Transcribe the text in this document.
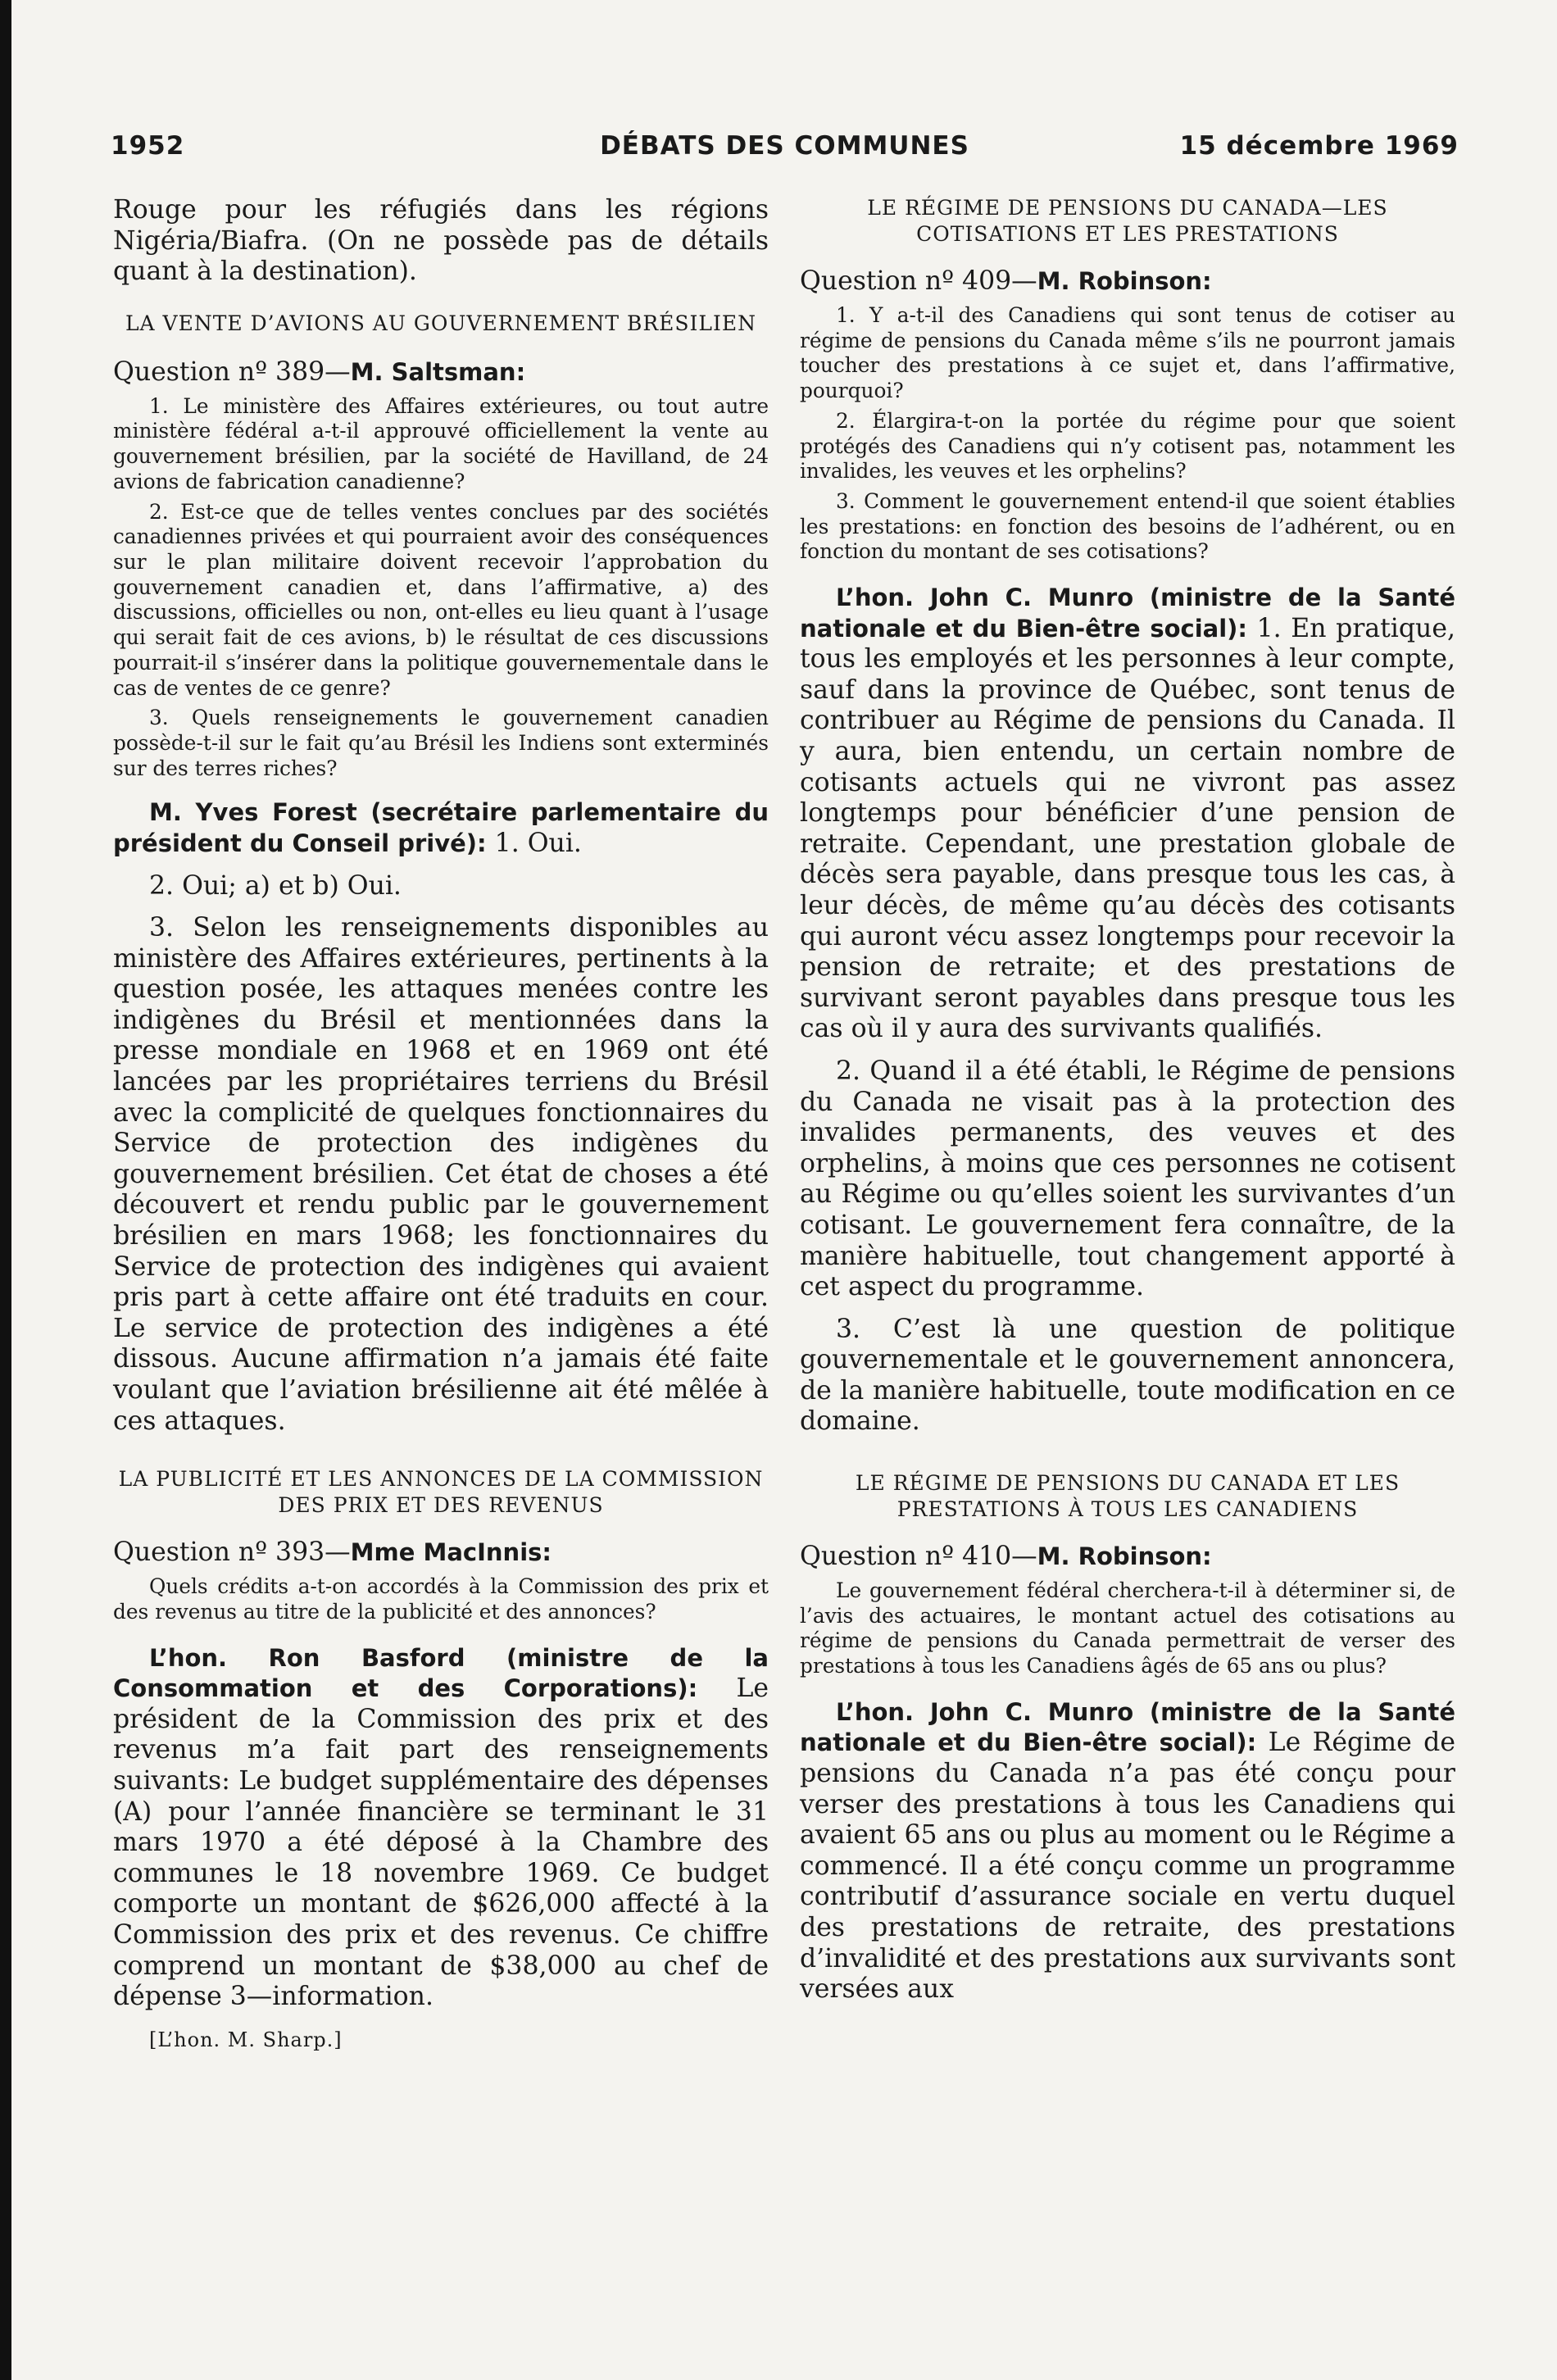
1952	DÉBATS DES COMMUNES	15 décembre 1969

Rouge pour les réfugiés dans les régions Nigéria/Biafra. (On ne possède pas de détails quant à la destination).

LA VENTE D’AVIONS AU GOUVERNEMENT BRÉSILIEN

Question nº 389—M. Saltsman:

1. Le ministère des Affaires extérieures, ou tout autre ministère fédéral a-t-il approuvé officiellement la vente au gouvernement brésilien, par la société de Havilland, de 24 avions de fabrication canadienne?

2. Est-ce que de telles ventes conclues par des sociétés canadiennes privées et qui pourraient avoir des conséquences sur le plan militaire doivent recevoir l’approbation du gouvernement canadien et, dans l’affirmative, a) des discussions, officielles ou non, ont-elles eu lieu quant à l’usage qui serait fait de ces avions, b) le résultat de ces discussions pourrait-il s’insérer dans la politique gouvernementale dans le cas de ventes de ce genre?

3. Quels renseignements le gouvernement canadien possède-t-il sur le fait qu’au Brésil les Indiens sont exterminés sur des terres riches?

M. Yves Forest (secrétaire parlementaire du président du Conseil privé): 1. Oui.

2. Oui; a) et b) Oui.

3. Selon les renseignements disponibles au ministère des Affaires extérieures, pertinents à la question posée, les attaques menées contre les indigènes du Brésil et mentionnées dans la presse mondiale en 1968 et en 1969 ont été lancées par les propriétaires terriens du Brésil avec la complicité de quelques fonctionnaires du Service de protection des indigènes du gouvernement brésilien. Cet état de choses a été découvert et rendu public par le gouvernement brésilien en mars 1968; les fonctionnaires du Service de protection des indigènes qui avaient pris part à cette affaire ont été traduits en cour. Le service de protection des indigènes a été dissous. Aucune affirmation n’a jamais été faite voulant que l’aviation brésilienne ait été mêlée à ces attaques.

LA PUBLICITÉ ET LES ANNONCES DE LA COMMISSION DES PRIX ET DES REVENUS

Question nº 393—Mme MacInnis:

Quels crédits a-t-on accordés à la Commission des prix et des revenus au titre de la publicité et des annonces?

L’hon. Ron Basford (ministre de la Consommation et des Corporations): Le président de la Commission des prix et des revenus m’a fait part des renseignements suivants: Le budget supplémentaire des dépenses (A) pour l’année financière se terminant le 31 mars 1970 a été déposé à la Chambre des communes le 18 novembre 1969. Ce budget comporte un montant de $626,000 affecté à la Commission des prix et des revenus. Ce chiffre comprend un montant de $38,000 au chef de dépense 3—information.

[L’hon. M. Sharp.]

LE RÉGIME DE PENSIONS DU CANADA—LES COTISATIONS ET LES PRESTATIONS

Question nº 409—M. Robinson:

1. Y a-t-il des Canadiens qui sont tenus de cotiser au régime de pensions du Canada même s’ils ne pourront jamais toucher des prestations à ce sujet et, dans l’affirmative, pourquoi?

2. Élargira-t-on la portée du régime pour que soient protégés des Canadiens qui n’y cotisent pas, notamment les invalides, les veuves et les orphelins?

3. Comment le gouvernement entend-il que soient établies les prestations: en fonction des besoins de l’adhérent, ou en fonction du montant de ses cotisations?

L’hon. John C. Munro (ministre de la Santé nationale et du Bien-être social): 1. En pratique, tous les employés et les personnes à leur compte, sauf dans la province de Québec, sont tenus de contribuer au Régime de pensions du Canada. Il y aura, bien entendu, un certain nombre de cotisants actuels qui ne vivront pas assez longtemps pour bénéficier d’une pension de retraite. Cependant, une prestation globale de décès sera payable, dans presque tous les cas, à leur décès, de même qu’au décès des cotisants qui auront vécu assez longtemps pour recevoir la pension de retraite; et des prestations de survivant seront payables dans presque tous les cas où il y aura des survivants qualifiés.

2. Quand il a été établi, le Régime de pensions du Canada ne visait pas à la protection des invalides permanents, des veuves et des orphelins, à moins que ces personnes ne cotisent au Régime ou qu’elles soient les survivantes d’un cotisant. Le gouvernement fera connaître, de la manière habituelle, tout changement apporté à cet aspect du programme.

3. C’est là une question de politique gouvernementale et le gouvernement annoncera, de la manière habituelle, toute modification en ce domaine.

LE RÉGIME DE PENSIONS DU CANADA ET LES PRESTATIONS À TOUS LES CANADIENS

Question nº 410—M. Robinson:

Le gouvernement fédéral cherchera-t-il à déterminer si, de l’avis des actuaires, le montant actuel des cotisations au régime de pensions du Canada permettrait de verser des prestations à tous les Canadiens âgés de 65 ans ou plus?

L’hon. John C. Munro (ministre de la Santé nationale et du Bien-être social): Le Régime de pensions du Canada n’a pas été conçu pour verser des prestations à tous les Canadiens qui avaient 65 ans ou plus au moment ou le Régime a commencé. Il a été conçu comme un programme contributif d’assurance sociale en vertu duquel des prestations de retraite, des prestations d’invalidité et des prestations aux survivants sont versées aux
